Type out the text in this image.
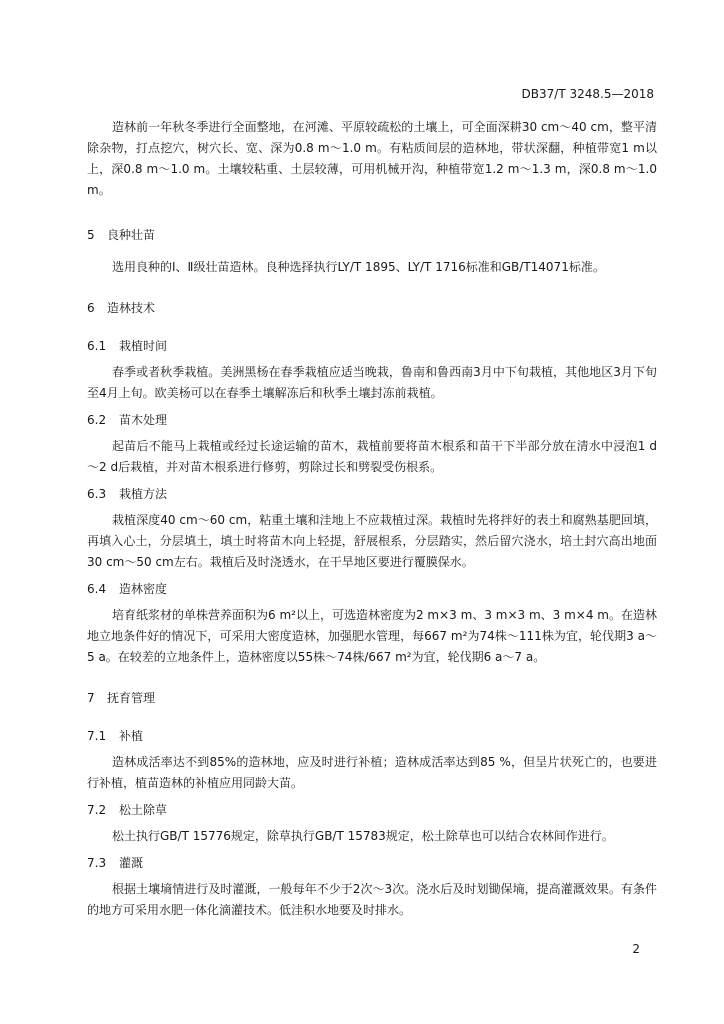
DB37/T 3248.5—2018

造林前一年秋冬季进行全面整地，在河滩、平原较疏松的土壤上，可全面深耕30 cm～40 cm，整平清除杂物，打点挖穴，树穴长、宽、深为0.8 m～1.0 m。有粘质间层的造林地，带状深翻，种植带宽1 m以上，深0.8 m～1.0 m。土壤较粘重、土层较薄，可用机械开沟，种植带宽1.2 m～1.3 m，深0.8 m～1.0 m。

5 良种壮苗

选用良种的Ⅰ、Ⅱ级壮苗造林。良种选择执行LY/T 1895、LY/T 1716标准和GB/T14071标准。

6 造林技术
6.1 栽植时间

春季或者秋季栽植。美洲黑杨在春季栽植应适当晚栽，鲁南和鲁西南3月中下旬栽植，其他地区3月下旬至4月上旬。欧美杨可以在春季土壤解冻后和秋季土壤封冻前栽植。

6.2 苗木处理

起苗后不能马上栽植或经过长途运输的苗木，栽植前要将苗木根系和苗干下半部分放在清水中浸泡1 d～2 d后栽植，并对苗木根系进行修剪，剪除过长和劈裂受伤根系。

6.3 栽植方法

栽植深度40 cm～60 cm，粘重土壤和洼地上不应栽植过深。栽植时先将拌好的表土和腐熟基肥回填，再填入心土，分层填土，填土时将苗木向上轻提，舒展根系，分层踏实，然后留穴浇水，培土封穴高出地面30 cm～50 cm左右。栽植后及时浇透水，在干旱地区要进行覆膜保水。

6.4 造林密度

培育纸浆材的单株营养面积为6 m²以上，可选造林密度为2 m×3 m、3 m×3 m、3 m×4 m。在造林地立地条件好的情况下，可采用大密度造林，加强肥水管理，每667 m²为74株～111株为宜，轮伐期3 a～5 a。在较差的立地条件上，造林密度以55株～74株/667 m²为宜，轮伐期6 a～7 a。

7 抚育管理
7.1 补植

造林成活率达不到85%的造林地，应及时进行补植；造林成活率达到85 %，但呈片状死亡的，也要进行补植，植苗造林的补植应用同龄大苗。

7.2 松土除草

松土执行GB/T 15776规定，除草执行GB/T 15783规定，松土除草也可以结合农林间作进行。

7.3 灌溉

根据土壤墒情进行及时灌溉，一般每年不少于2次～3次。浇水后及时划锄保墒，提高灌溉效果。有条件的地方可采用水肥一体化滴灌技术。低洼积水地要及时排水。

2
